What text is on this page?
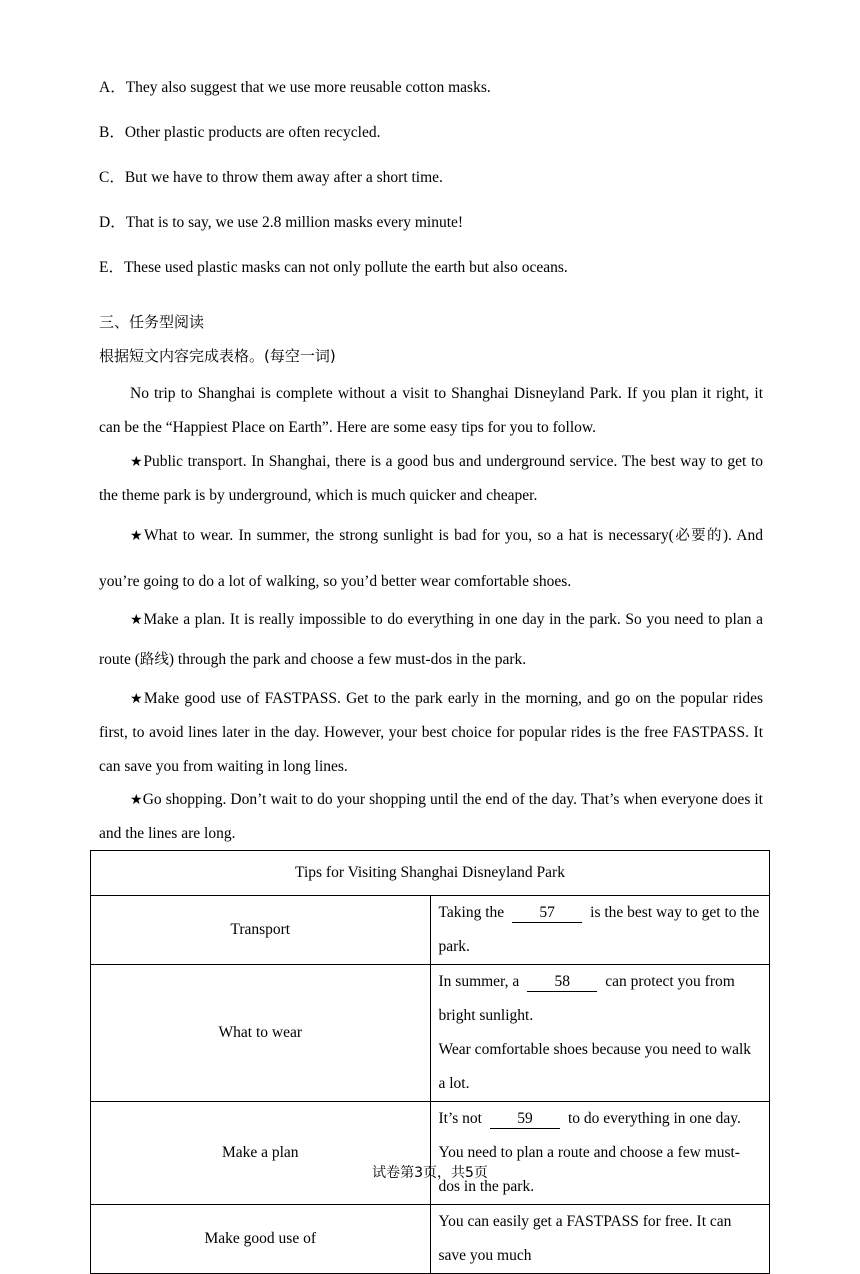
A．They also suggest that we use more reusable cotton masks.
B．Other plastic products are often recycled.
C．But we have to throw them away after a short time.
D．That is to say, we use 2.8 million masks every minute!
E．These used plastic masks can not only pollute the earth but also oceans.
三、任务型阅读
根据短文内容完成表格。(每空一词)

No trip to Shanghai is complete without a visit to Shanghai Disneyland Park. If you plan it right, it can be the “Happiest Place on Earth”. Here are some easy tips for you to follow.

★Public transport. In Shanghai, there is a good bus and underground service. The best way to get to the theme park is by underground, which is much quicker and cheaper.

★What to wear. In summer, the strong sunlight is bad for you, so a hat is necessary(必要的). And you’re going to do a lot of walking, so you’d better wear comfortable shoes.

★Make a plan. It is really impossible to do everything in one day in the park. So you need to plan a route (路线) through the park and choose a few must-dos in the park.

★Make good use of FASTPASS. Get to the park early in the morning, and go on the popular rides first, to avoid lines later in the day. However, your best choice for popular rides is the free FASTPASS. It can save you from waiting in long lines.

★Go shopping. Don’t wait to do your shopping until the end of the day. That’s when everyone does it and the lines are long.

Tips for Visiting Shanghai Disneyland Park	
Transport	Taking the 57 is the best way to get to the park.
What to wear	In summer, a 58 can protect you from bright sunlight.
Wear comfortable shoes because you need to walk a lot.
Make a plan	It’s not 59 to do everything in one day. You need to plan a route and choose a few must-dos in the park.
Make good use of	You can easily get a FASTPASS for free. It can save you much
试卷第3页，共5页
